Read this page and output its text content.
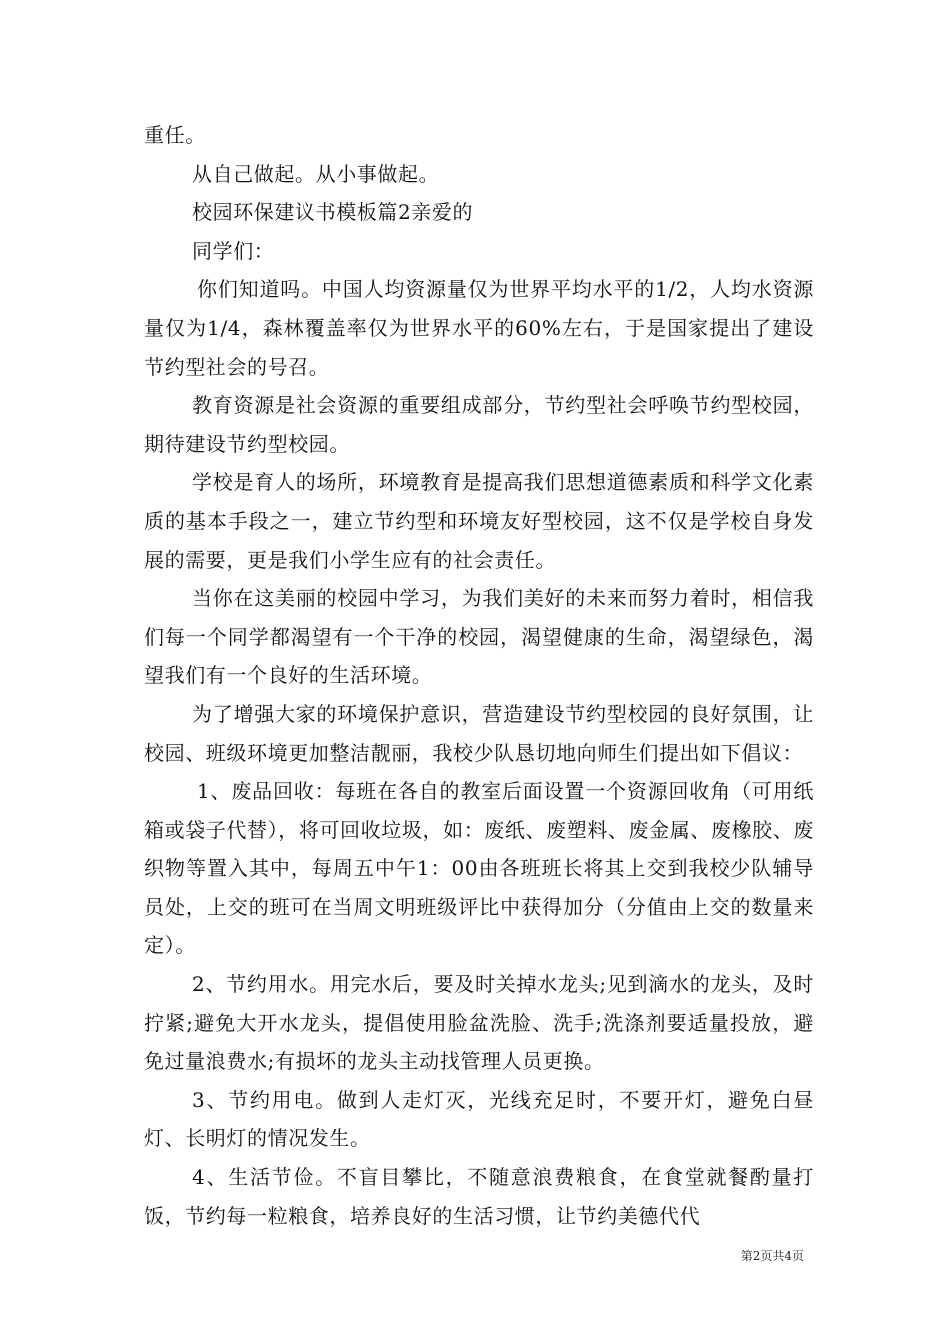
重任。

从自己做起。从小事做起。

校园环保建议书模板篇2亲爱的

同学们：

你们知道吗。中国人均资源量仅为世界平均水平的1/2，人均水资源量仅为1/4，森林覆盖率仅为世界水平的60%左右，于是国家提出了建设节约型社会的号召。

教育资源是社会资源的重要组成部分，节约型社会呼唤节约型校园，期待建设节约型校园。

学校是育人的场所，环境教育是提高我们思想道德素质和科学文化素质的基本手段之一，建立节约型和环境友好型校园，这不仅是学校自身发展的需要，更是我们小学生应有的社会责任。

当你在这美丽的校园中学习，为我们美好的未来而努力着时，相信我们每一个同学都渴望有一个干净的校园，渴望健康的生命，渴望绿色，渴望我们有一个良好的生活环境。

为了增强大家的环境保护意识，营造建设节约型校园的良好氛围，让校园、班级环境更加整洁靓丽，我校少队恳切地向师生们提出如下倡议：

1、废品回收：每班在各自的教室后面设置一个资源回收角（可用纸箱或袋子代替），将可回收垃圾，如：废纸、废塑料、废金属、废橡胶、废织物等置入其中，每周五中午1：00由各班班长将其上交到我校少队辅导员处，上交的班可在当周文明班级评比中获得加分（分值由上交的数量来定）。

2、节约用水。用完水后，要及时关掉水龙头;见到滴水的龙头，及时拧紧;避免大开水龙头，提倡使用脸盆洗脸、洗手;洗涤剂要适量投放，避免过量浪费水;有损坏的龙头主动找管理人员更换。

3、节约用电。做到人走灯灭，光线充足时，不要开灯，避免白昼灯、长明灯的情况发生。

4、生活节俭。不盲目攀比，不随意浪费粮食，在食堂就餐酌量打饭，节约每一粒粮食，培养良好的生活习惯，让节约美德代代

第2页共4页
